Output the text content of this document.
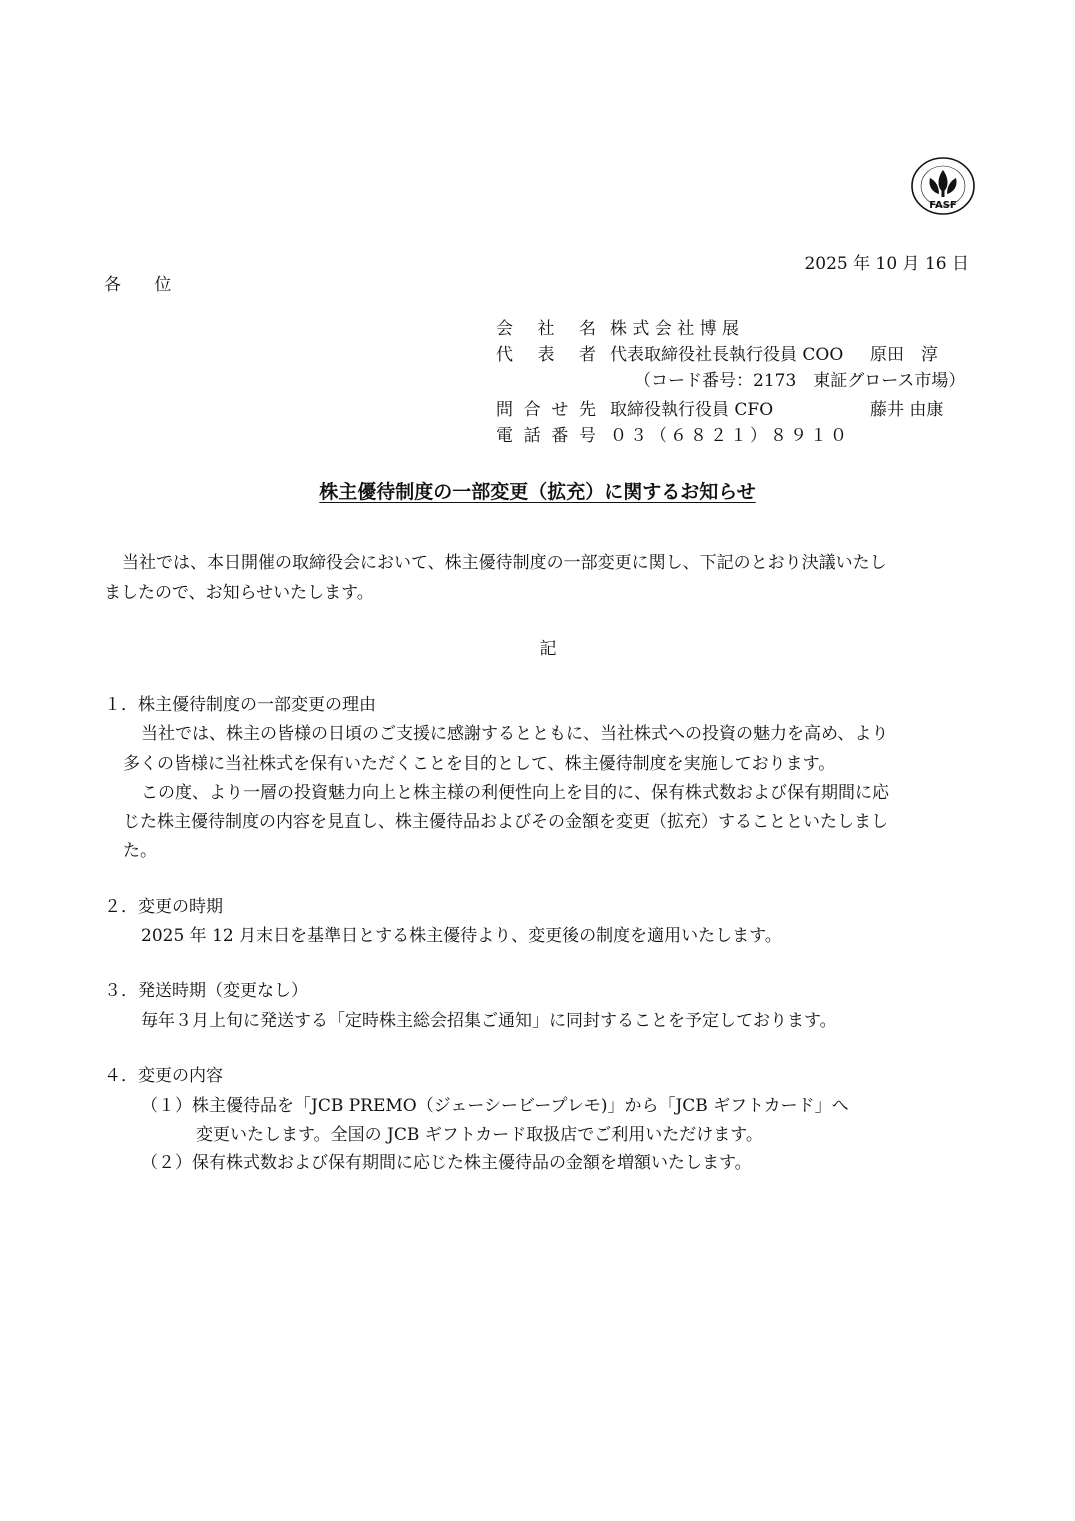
FASF
2025 年 10 月 16 日
各 位
会 社 名 株 式 会 社 博 展
代 表 者 代表取締役社長執行役員 COO 原田　淳
（コード番号：2173　東証グロース市場）
問 合 せ 先 取締役執行役員 CFO	藤井 由康
電 話 番 号 ０３（６８２１）８９１０
株主優待制度の一部変更（拡充）に関するお知らせ
当社では、本日開催の取締役会において、株主優待制度の一部変更に関し、下記のとおり決議いたし
ましたので、お知らせいたします。
記
１．株主優待制度の一部変更の理由
当社では、株主の皆様の日頃のご支援に感謝するとともに、当社株式への投資の魅力を高め、より
多くの皆様に当社株式を保有いただくことを目的として、株主優待制度を実施しております。
この度、より一層の投資魅力向上と株主様の利便性向上を目的に、保有株式数および保有期間に応
じた株主優待制度の内容を見直し、株主優待品およびその金額を変更（拡充）することといたしまし
た。
２．変更の時期
2025 年 12 月末日を基準日とする株主優待より、変更後の制度を適用いたします。
３．発送時期（変更なし）
毎年３月上旬に発送する「定時株主総会招集ご通知」に同封することを予定しております。
４．変更の内容
（１）株主優待品を「JCB PREMO（ジェーシービープレモ)」から「JCB ギフトカード」へ
変更いたします。全国の JCB ギフトカード取扱店でご利用いただけます。
（２）保有株式数および保有期間に応じた株主優待品の金額を増額いたします。
